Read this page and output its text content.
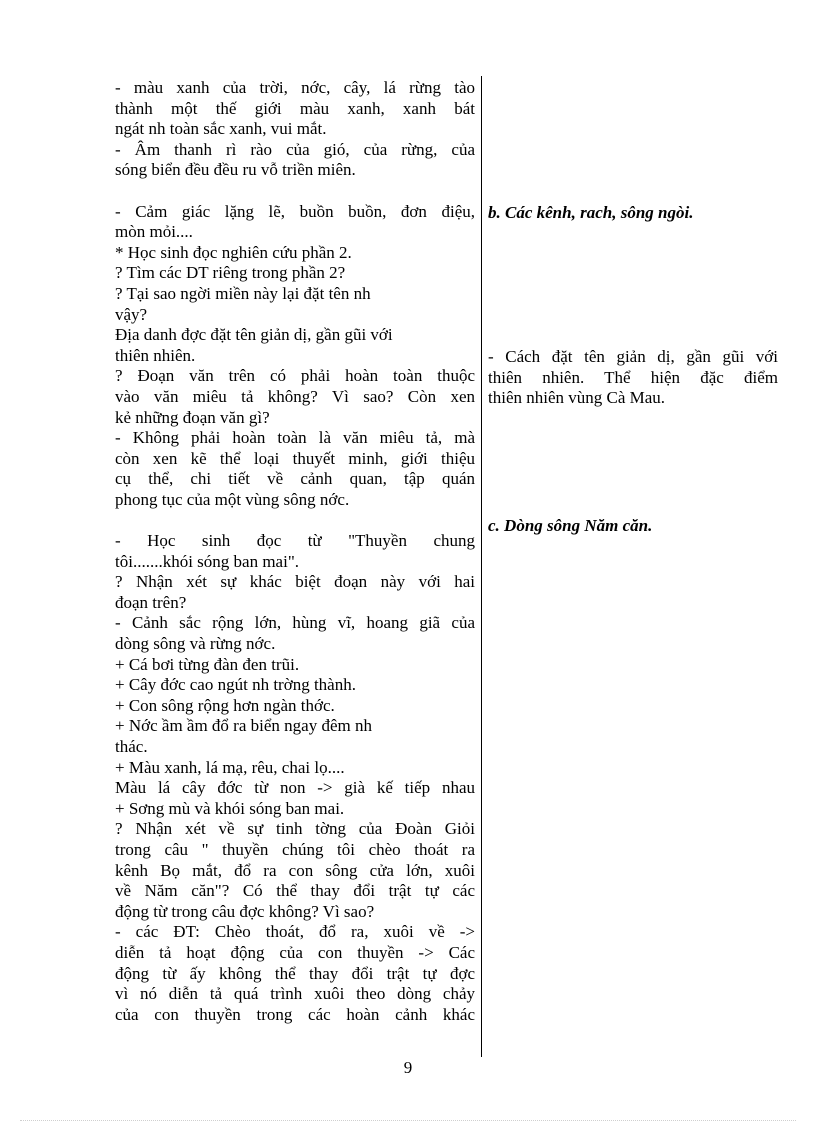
- màu xanh của trời, nớc, cây, lá rừng tào
thành một thế giới màu xanh, xanh bát
ngát nh toàn sắc xanh, vui mắt.
- Âm thanh rì rào của gió, của rừng, của
sóng biển đều đều ru vỗ triền miên.
- Cảm giác lặng lẽ, buồn buồn, đơn điệu,
mòn mỏi....
* Học sinh đọc nghiên cứu phần 2.
? Tìm các DT riêng trong phần 2?
? Tại sao ngời miền này lại đặt tên nh
vậy?
Địa danh đợc đặt tên giản dị, gần gũi với
thiên nhiên.
? Đoạn văn trên có phải hoàn toàn thuộc
vào văn miêu tả không? Vì sao? Còn xen
kẻ những đoạn văn gì?
- Không phải hoàn toàn là văn miêu tả, mà
còn xen kẽ thể loại thuyết minh, giới thiệu
cụ thể, chi tiết về cảnh quan, tập quán
phong tục của một vùng sông nớc.
- Học sinh đọc từ "Thuyền chung
tôi.......khói sóng ban mai".
? Nhận xét sự khác biệt đoạn này với hai
đoạn trên?
- Cảnh sắc rộng lớn, hùng vĩ, hoang giã của
dòng sông và rừng nớc.
+ Cá bơi từng đàn đen trũi.
+ Cây đớc cao ngút nh trờng thành.
+ Con sông rộng hơn ngàn thớc.
+ Nớc ầm ầm đổ ra biển ngay đêm nh
thác.
+ Màu xanh, lá mạ, rêu, chai lọ....
Màu lá cây đớc từ non -> già kế tiếp nhau
+ Sơng mù và khói sóng ban mai.
? Nhận xét về sự tinh tờng của Đoàn Giỏi
trong câu " thuyền chúng tôi chèo thoát ra
kênh Bọ mắt, đổ ra con sông cửa lớn, xuôi
về Năm căn"? Có thể thay đổi trật tự các
động từ trong câu đợc không? Vì sao?
- các ĐT: Chèo thoát, đổ ra, xuôi về ->
diễn tả hoạt động của con thuyền -> Các
động từ ấy không thể thay đổi trật tự đợc
vì nó diễn tả quá trình xuôi theo dòng chảy
của con thuyền trong các hoàn cảnh khác
b. Các kênh, rach, sông ngòi.
- Cách đặt tên giản dị, gần gũi với
thiên nhiên. Thể hiện đặc điểm
thiên nhiên vùng Cà Mau.
c. Dòng sông Năm căn.
9
